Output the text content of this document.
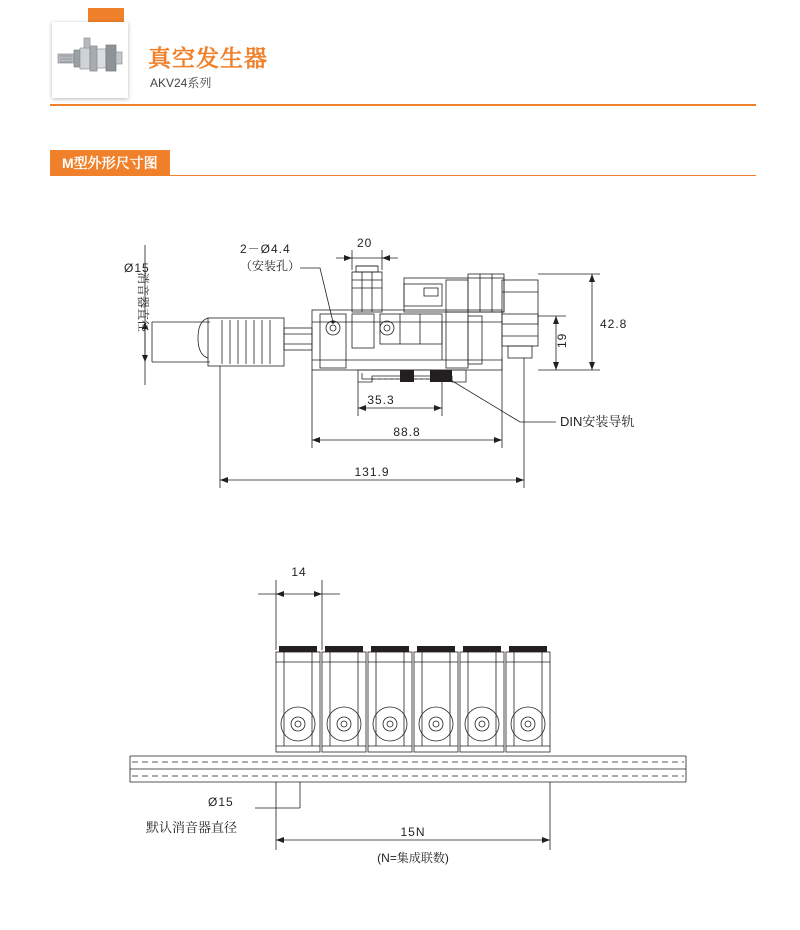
真空发生器
AKV24系列
M型外形尺寸图
2－Ø4.4
（安装孔）
20
Ø15
消音器直径	42.8
19
35.3
88.8
131.9
DIN安装导轨
14
Ø15
默认消音器直径	15N
(N=集成联数)
